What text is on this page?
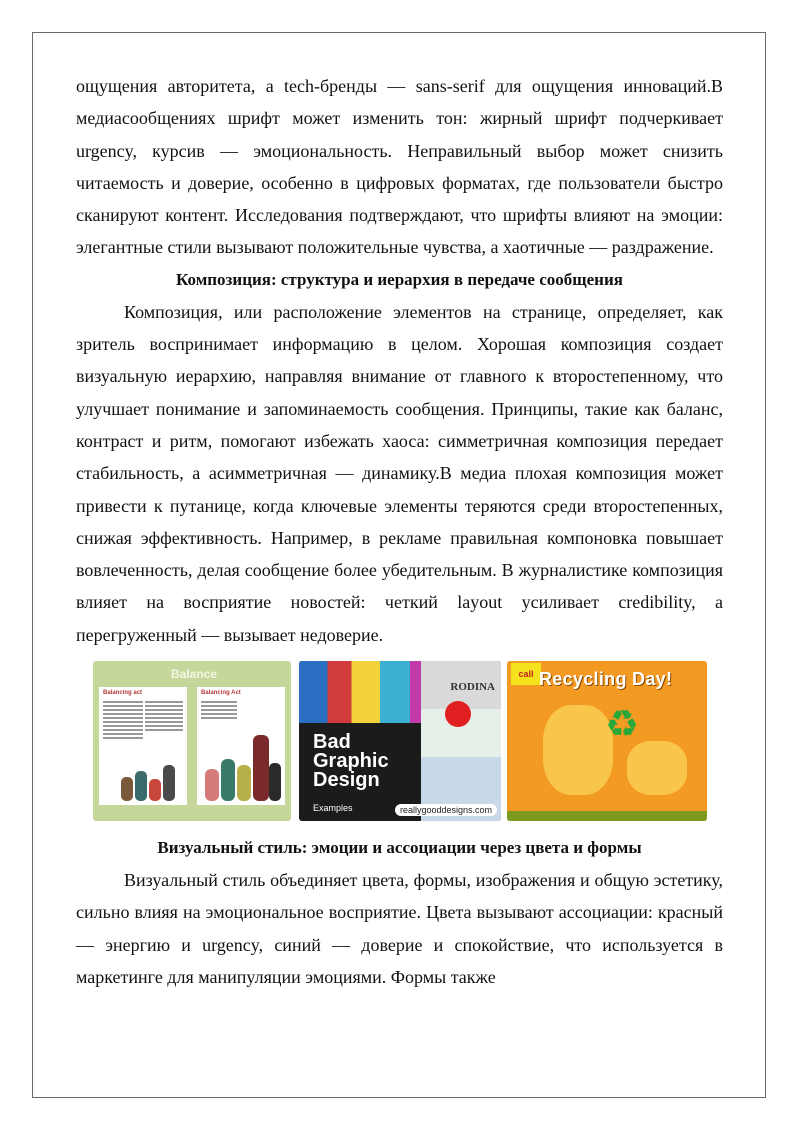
ощущения авторитета, а tech-бренды — sans-serif для ощущения инноваций.В медиасообщениях шрифт может изменить тон: жирный шрифт подчеркивает urgency, курсив — эмоциональность. Неправильный выбор может снизить читаемость и доверие, особенно в цифровых форматах, где пользователи быстро сканируют контент. Исследования подтверждают, что шрифты влияют на эмоции: элегантные стили вызывают положительные чувства, а хаотичные — раздражение.

Композиция: структура и иерархия в передаче сообщения

Композиция, или расположение элементов на странице, определяет, как зритель воспринимает информацию в целом. Хорошая композиция создает визуальную иерархию, направляя внимание от главного к второстепенному, что улучшает понимание и запоминаемость сообщения. Принципы, такие как баланс, контраст и ритм, помогают избежать хаоса: симметричная композиция передает стабильность, а асимметричная — динамику.В медиа плохая композиция может привести к путанице, когда ключевые элементы теряются среди второстепенных, снижая эффективность. Например, в рекламе правильная компоновка повышает вовлеченность, делая сообщение более убедительным. В журналистике композиция влияет на восприятие новостей: четкий layout усиливает credibility, а перегруженный — вызывает недоверие.

Balance
Balancing act	Balancing Act	RODINA
Bad Graphic Design
Examples	reallygooddesigns.com
call Recycling Day!
♻
Визуальный стиль: эмоции и ассоциации через цвета и формы

Визуальный стиль объединяет цвета, формы, изображения и общую эстетику, сильно влияя на эмоциональное восприятие. Цвета вызывают ассоциации: красный — энергию и urgency, синий — доверие и спокойствие, что используется в маркетинге для манипуляции эмоциями. Формы также
